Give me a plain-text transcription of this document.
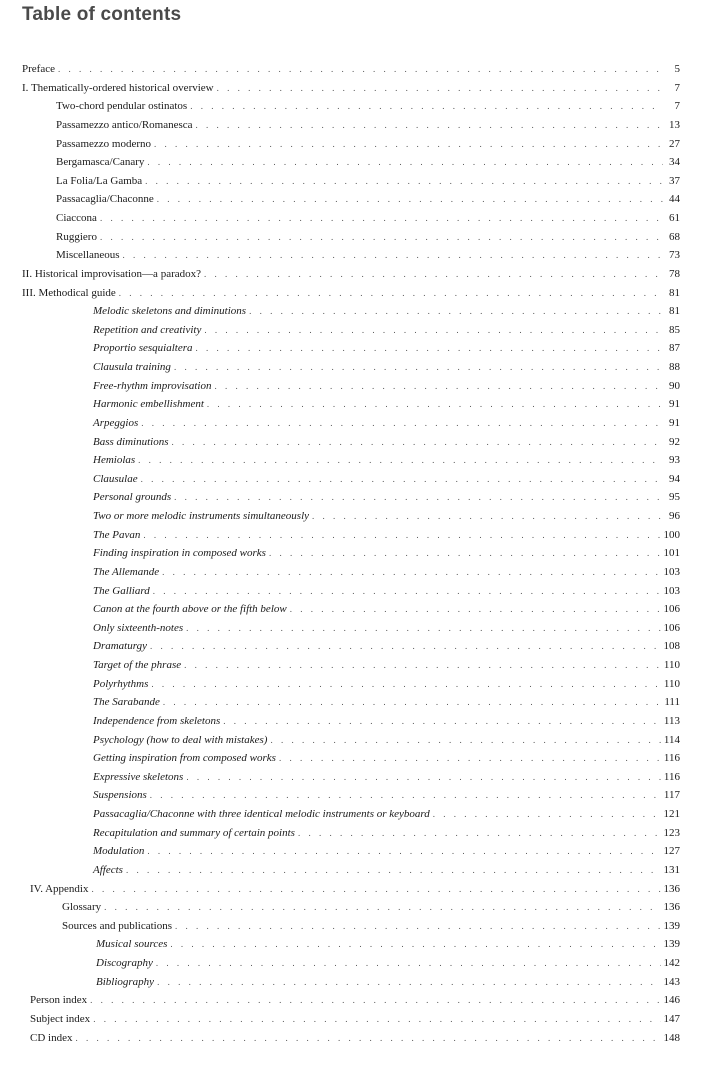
Table of contents
Preface . . .	5
I. Thematically-ordered historical overview . . .	7
Two-chord pendular ostinatos . . .	7
Passamezzo antico/Romanesca . . .	13
Passamezzo moderno . . .	27
Bergamasca/Canary . . .	34
La Folia/La Gamba . . .	37
Passacaglia/Chaconne . . .	44
Ciaccona . . .	61
Ruggiero . . .	68
Miscellaneous . . .	73
II. Historical improvisation—a paradox? . . .	78
III. Methodical guide . . .	81
Melodic skeletons and diminutions . . .	81
Repetition and creativity . . .	85
Proportio sesquialtera . . .	87
Clausula training . . .	88
Free-rhythm improvisation . . .	90
Harmonic embellishment . . .	91
Arpeggios . . .	91
Bass diminutions . . .	92
Hemiolas . . .	93
Clausulae . . .	94
Personal grounds . . .	95
Two or more melodic instruments simultaneously . . .	96
The Pavan . . .	100
Finding inspiration in composed works . . .	101
The Allemande . . .	103
The Galliard . . .	103
Canon at the fourth above or the fifth below . . .	106
Only sixteenth-notes . . .	106
Dramaturgy . . .	108
Target of the phrase . . .	110
Polyrhythms . . .	110
The Sarabande . . .	111
Independence from skeletons . . .	113
Psychology (how to deal with mistakes) . . .	114
Getting inspiration from composed works . . .	116
Expressive skeletons . . .	116
Suspensions . . .	117
Passacaglia/Chaconne with three identical melodic instruments or keyboard . . .	121
Recapitulation and summary of certain points . . .	123
Modulation . . .	127
Affects . . .	131
IV. Appendix . . .	136
Glossary . . .	136
Sources and publications . . .	139
Musical sources . . .	139
Discography . . .	142
Bibliography . . .	143
Person index . . .	146
Subject index . . .	147
CD index . . .	148
